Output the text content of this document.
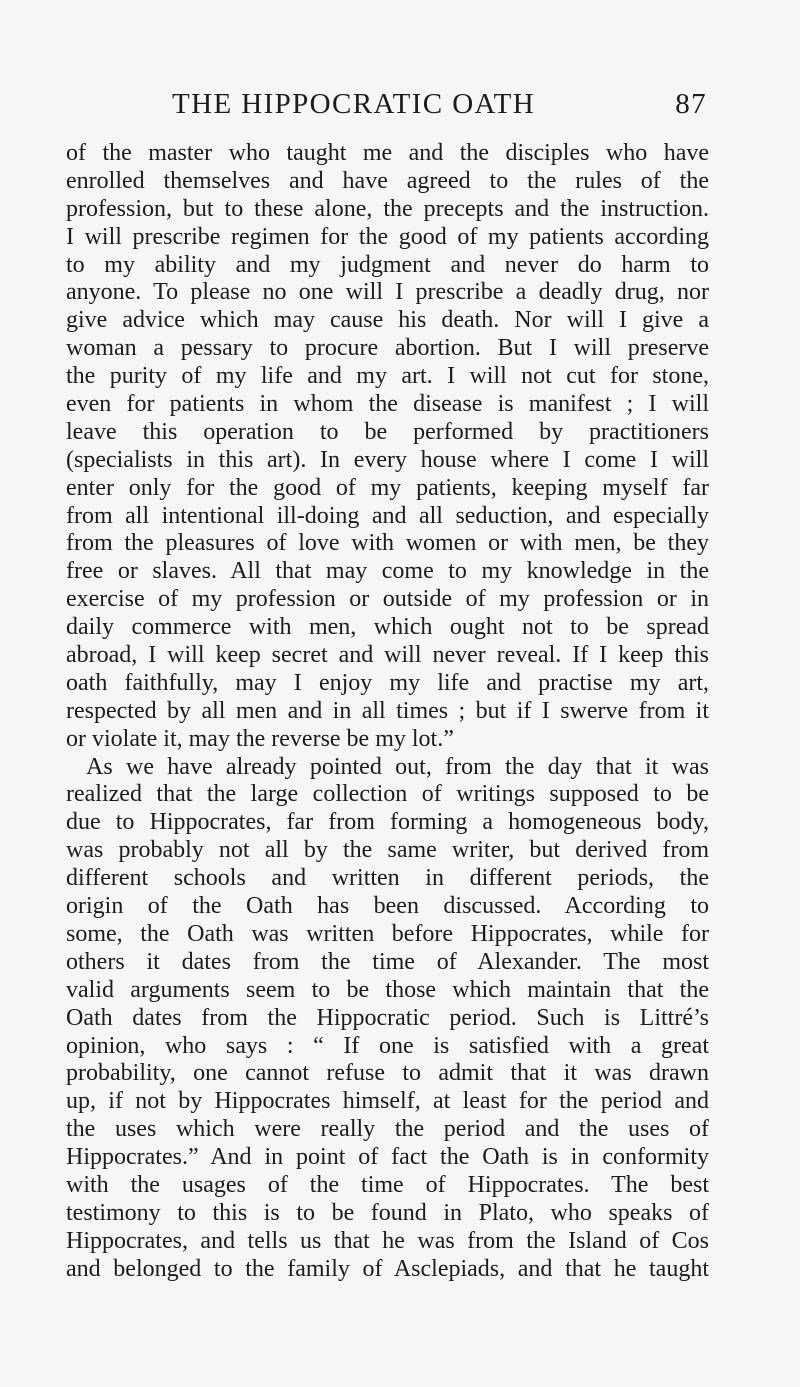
THE HIPPOCRATIC OATH	87
of the master who taught me and the disciples who have
enrolled themselves and have agreed to the rules of the
profession, but to these alone, the precepts and the instruction.
I will prescribe regimen for the good of my patients according
to my ability and my judgment and never do harm to
anyone. To please no one will I prescribe a deadly drug, nor
give advice which may cause his death. Nor will I give a
woman a pessary to procure abortion. But I will preserve
the purity of my life and my art. I will not cut for stone,
even for patients in whom the disease is manifest ; I will
leave this operation to be performed by practitioners
(specialists in this art). In every house where I come I will
enter only for the good of my patients, keeping myself far
from all intentional ill-doing and all seduction, and especially
from the pleasures of love with women or with men, be they
free or slaves. All that may come to my knowledge in the
exercise of my profession or outside of my profession or in
daily commerce with men, which ought not to be spread
abroad, I will keep secret and will never reveal. If I keep this
oath faithfully, may I enjoy my life and practise my art,
respected by all men and in all times ; but if I swerve from it
or violate it, may the reverse be my lot.”
As we have already pointed out, from the day that it was
realized that the large collection of writings supposed to be
due to Hippocrates, far from forming a homogeneous body,
was probably not all by the same writer, but derived from
different schools and written in different periods, the
origin of the Oath has been discussed. According to
some, the Oath was written before Hippocrates, while for
others it dates from the time of Alexander. The most
valid arguments seem to be those which maintain that the
Oath dates from the Hippocratic period. Such is Littré’s
opinion, who says : “ If one is satisfied with a great
probability, one cannot refuse to admit that it was drawn
up, if not by Hippocrates himself, at least for the period and
the uses which were really the period and the uses of
Hippocrates.” And in point of fact the Oath is in conformity
with the usages of the time of Hippocrates. The best
testimony to this is to be found in Plato, who speaks of
Hippocrates, and tells us that he was from the Island of Cos
and belonged to the family of Asclepiads, and that he taught
